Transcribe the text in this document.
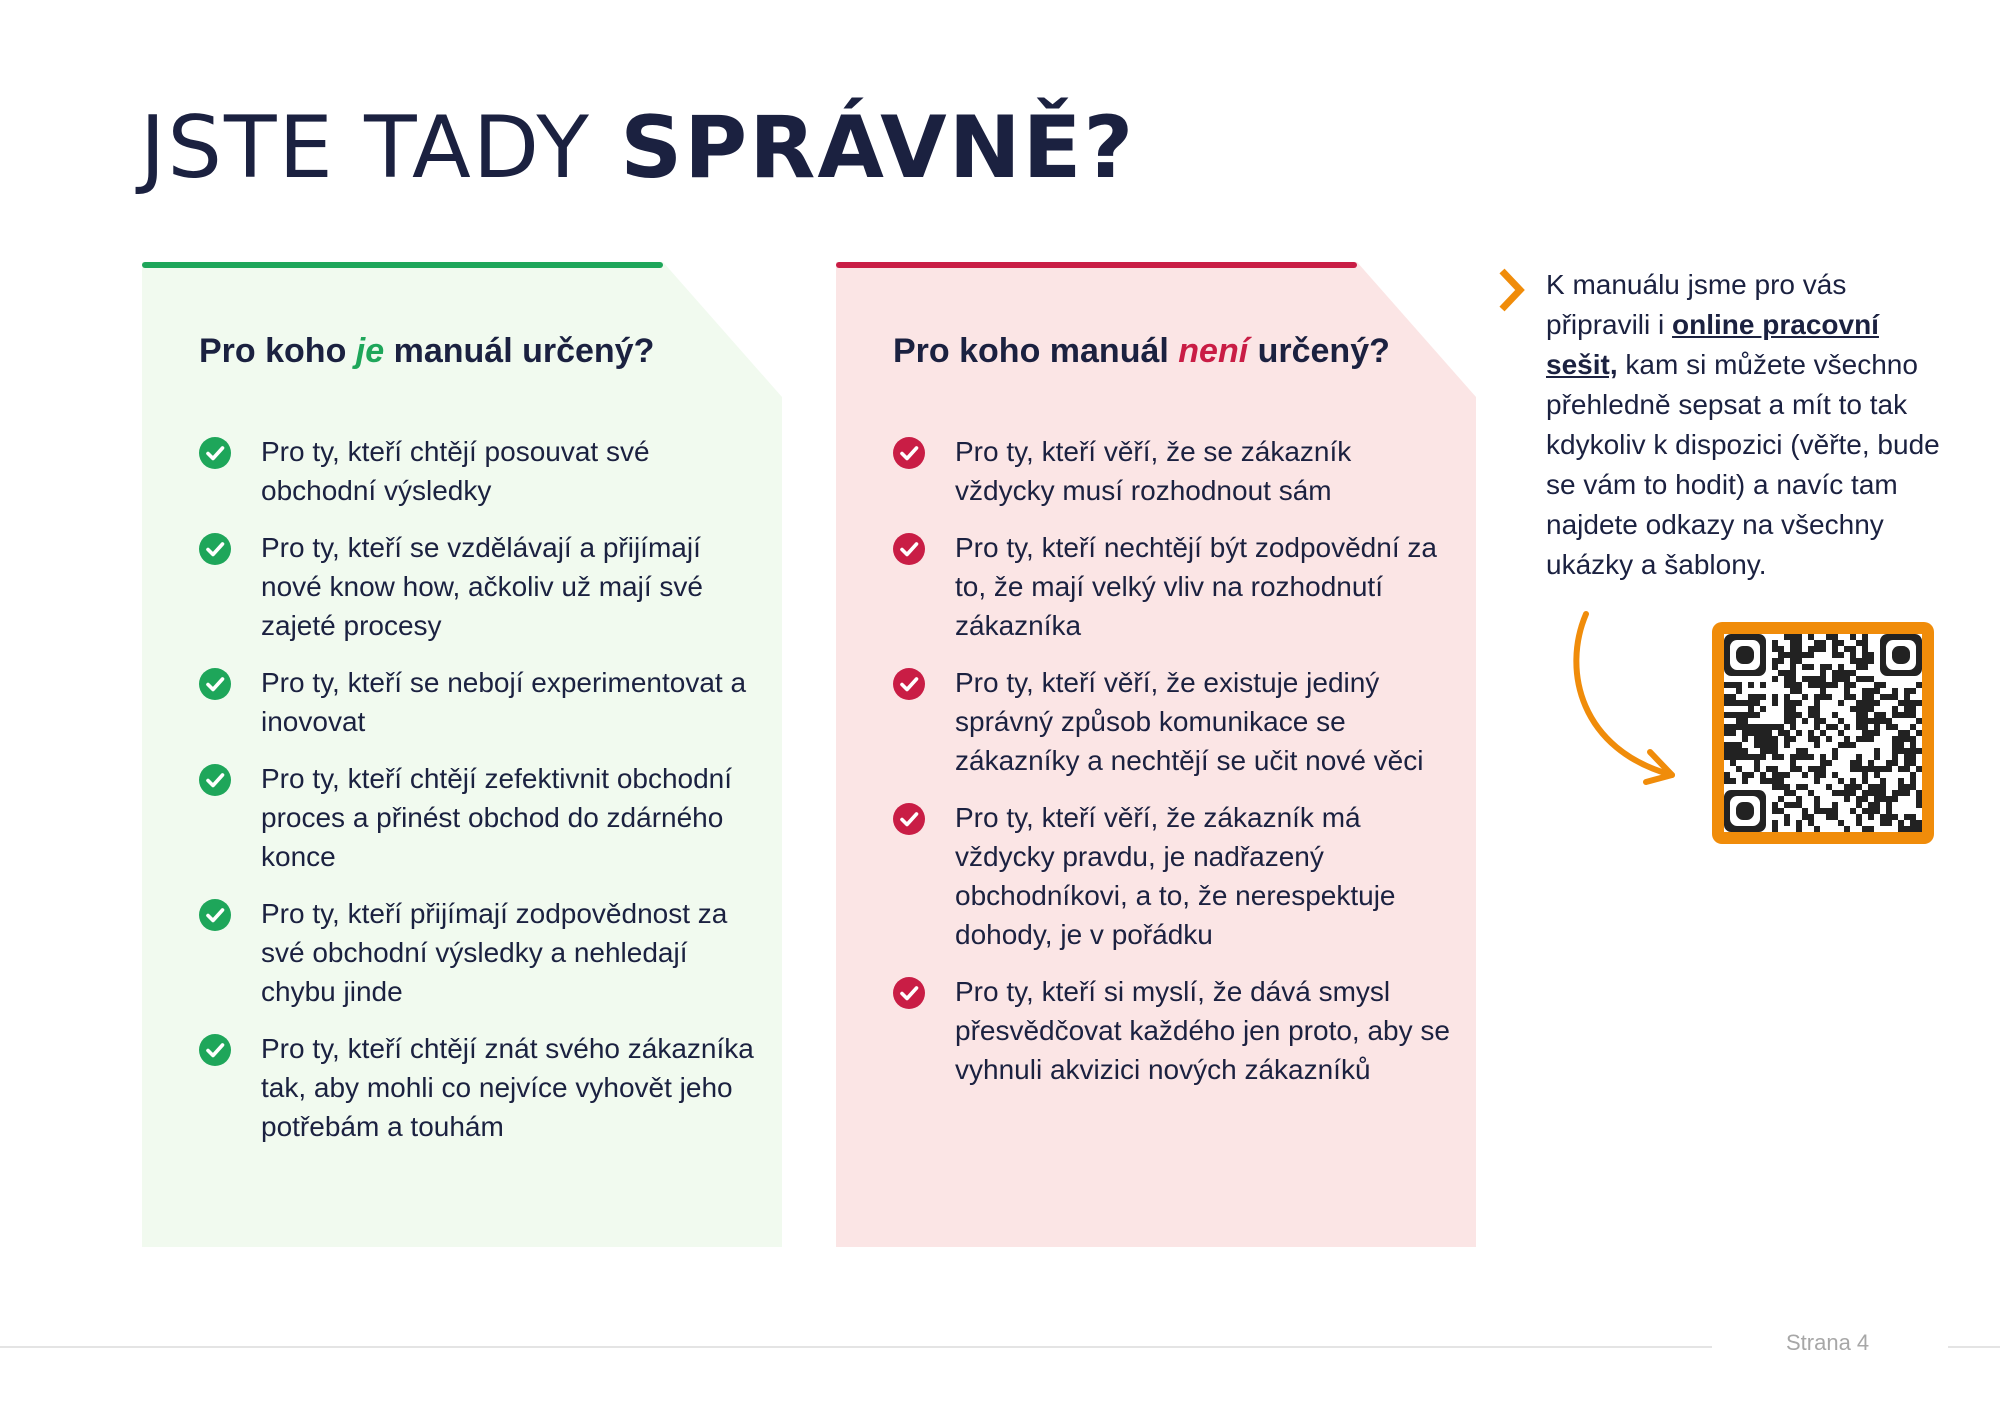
JSTE TADY SPRÁVNĚ?
Pro koho je manuál určený?
Pro ty, kteří chtějí posouvat své obchodní výsledky
Pro ty, kteří se vzdělávají a přijímají nové know how, ačkoliv už mají své zajeté procesy
Pro ty, kteří se nebojí experimentovat a inovovat
Pro ty, kteří chtějí zefektivnit obchodní proces a přinést obchod do zdárného konce
Pro ty, kteří přijímají zodpovědnost za své obchodní výsledky a nehledají chybu jinde
Pro ty, kteří chtějí znát svého zákazníka tak, aby mohli co nejvíce vyhovět jeho potřebám a touhám
Pro koho manuál není určený?
Pro ty, kteří věří, že se zákazník vždycky musí rozhodnout sám
Pro ty, kteří nechtějí být zodpovědní za to, že mají velký vliv na rozhodnutí zákazníka
Pro ty, kteří věří, že existuje jediný správný způsob komunikace se zákazníky a nechtějí se učit nové věci
Pro ty, kteří věří, že zákazník má vždycky pravdu, je nadřazený obchodníkovi, a to, že nerespektuje dohody, je v pořádku
Pro ty, kteří si myslí, že dává smysl přesvědčovat každého jen proto, aby se vyhnuli akvizici nových zákazníků

K manuálu jsme pro vás připravili i online pracovní sešit, kam si můžete všechno přehledně sepsat a mít to tak kdykoliv k dispozici (věřte, bude se vám to hodit) a navíc tam najdete odkazy na všechny ukázky a šablony.

Strana 4
